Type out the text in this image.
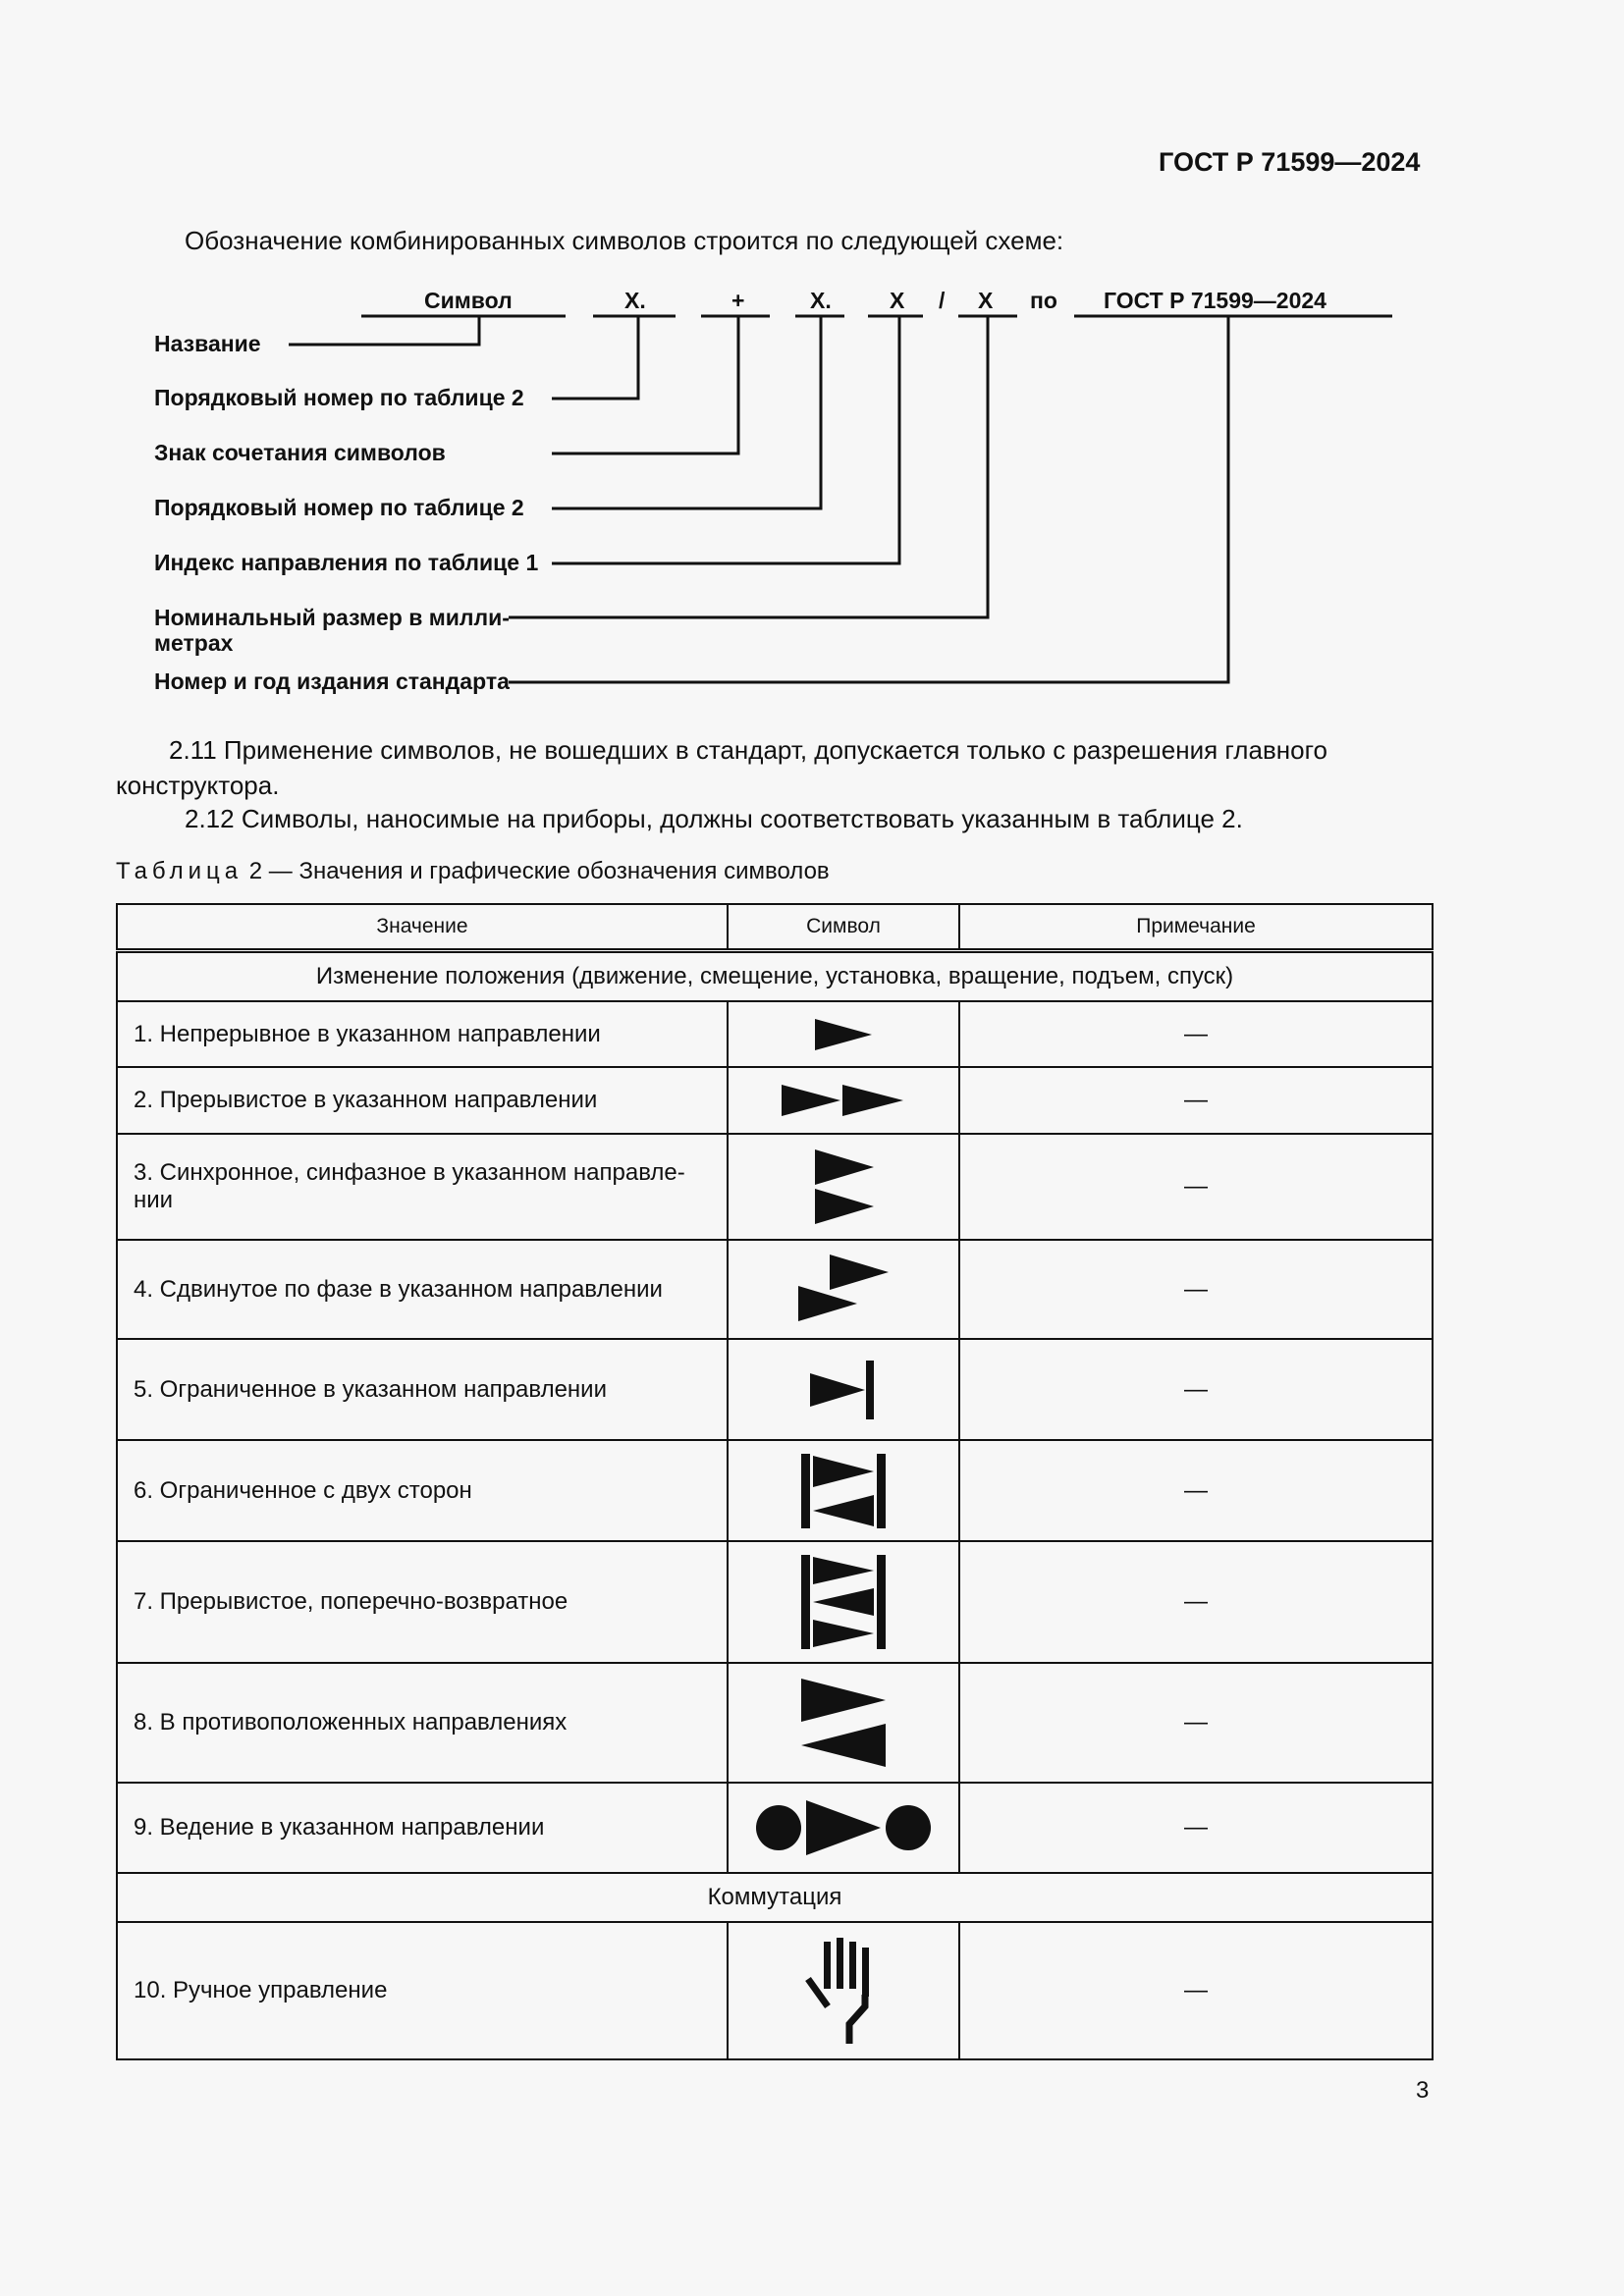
ГОСТ Р 71599—2024
Обозначение комбинированных символов строится по следующей схеме:
Символ	X.	+	X.	X / X по ГОСТ Р 71599—2024
Название
Порядковый номер по таблице 2
Знак сочетания символов
Порядковый номер по таблице 2
Индекс направления по таблице 1
Номинальный размер в милли-
метрах
Номер и год издания стандарта
2.11 Применение символов, не вошедших в стандарт, допускается только с разрешения главного
конструктора.
2.12 Символы, наносимые на приборы, должны соответствовать указанным в таблице 2.
Таблица 2 — Значения и графические обозначения символов
Значение	Символ	Примечание
Изменение положения (движение, смещение, установка, вращение, подъем, спуск)		
1. Непрерывное в указанном направлении		—
2. Прерывистое в указанном направлении		—

3. Синхронное, синфазное в указанном направле-
нии		—
4. Сдвинутое по фазе в указанном направлении		—
5. Ограниченное в указанном направлении		—
6. Ограниченное с двух сторон		—
7. Прерывистое, поперечно-возвратное		—
8. В противоположенных направлениях		—
9. Ведение в указанном направлении		—
Коммутация		
10. Ручное управление		—
3
